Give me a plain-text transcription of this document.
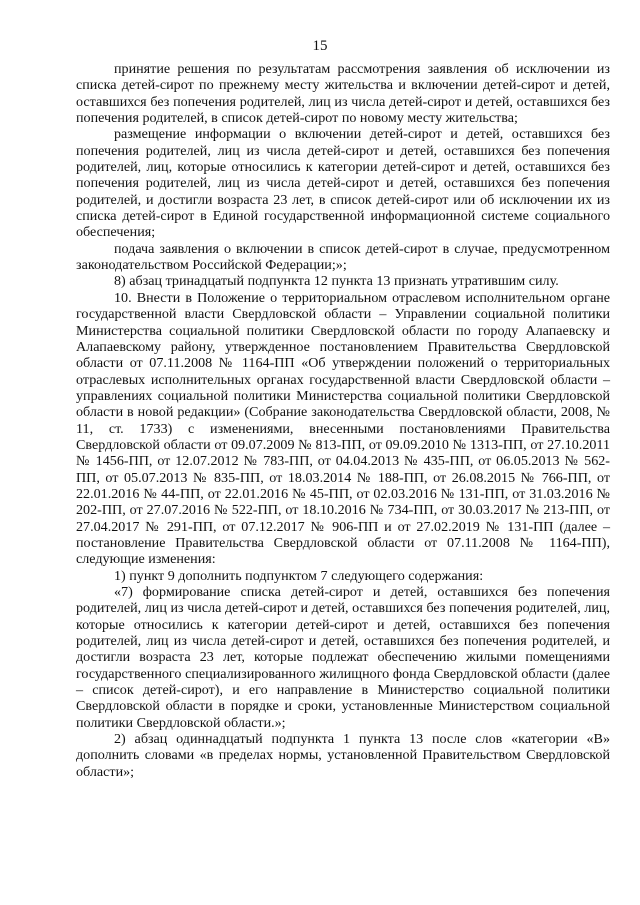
15

принятие решения по результатам рассмотрения заявления об исключении из списка детей-сирот по прежнему месту жительства и включении детей-сирот и детей, оставшихся без попечения родителей, лиц из числа детей-сирот и детей, оставшихся без попечения родителей, в список детей-сирот по новому месту жительства;

размещение информации о включении детей-сирот и детей, оставшихся без попечения родителей, лиц из числа детей-сирот и детей, оставшихся без попечения родителей, лиц, которые относились к категории детей-сирот и детей, оставшихся без попечения родителей, лиц из числа детей-сирот и детей, оставшихся без попечения родителей, и достигли возраста 23 лет, в список детей-сирот или об исключении их из списка детей-сирот в Единой государственной информационной системе социального обеспечения;

подача заявления о включении в список детей-сирот в случае, предусмотренном законодательством Российской Федерации;»;

8) абзац тринадцатый подпункта 12 пункта 13 признать утратившим силу.

10. Внести в Положение о территориальном отраслевом исполнительном органе государственной власти Свердловской области – Управлении социальной политики Министерства социальной политики Свердловской области по городу Алапаевску и Алапаевскому району, утвержденное постановлением Правительства Свердловской области от 07.11.2008 № 1164-ПП «Об утверждении положений о территориальных отраслевых исполнительных органах государственной власти Свердловской области – управлениях социальной политики Министерства социальной политики Свердловской области в новой редакции» (Собрание законодательства Свердловской области, 2008, № 11, ст. 1733) с изменениями, внесенными постановлениями Правительства Свердловской области от 09.07.2009 № 813-ПП, от 09.09.2010 № 1313-ПП, от 27.10.2011 № 1456-ПП, от 12.07.2012 № 783-ПП, от 04.04.2013 № 435-ПП, от 06.05.2013 № 562-ПП, от 05.07.2013 № 835-ПП, от 18.03.2014 № 188-ПП, от 26.08.2015 № 766-ПП, от 22.01.2016 № 44-ПП, от 22.01.2016 № 45-ПП, от 02.03.2016 № 131-ПП, от 31.03.2016 № 202-ПП, от 27.07.2016 № 522-ПП, от 18.10.2016 № 734-ПП, от 30.03.2017 № 213-ПП, от 27.04.2017 № 291-ПП, от 07.12.2017 № 906-ПП и от 27.02.2019 № 131-ПП (далее – постановление Правительства Свердловской области от 07.11.2008 № 1164-ПП), следующие изменения:

1) пункт 9 дополнить подпунктом 7 следующего содержания:

«7) формирование списка детей-сирот и детей, оставшихся без попечения родителей, лиц из числа детей-сирот и детей, оставшихся без попечения родителей, лиц, которые относились к категории детей-сирот и детей, оставшихся без попечения родителей, лиц из числа детей-сирот и детей, оставшихся без попечения родителей, и достигли возраста 23 лет, которые подлежат обеспечению жилыми помещениями государственного специализированного жилищного фонда Свердловской области (далее – список детей-сирот), и его направление в Министерство социальной политики Свердловской области в порядке и сроки, установленные Министерством социальной политики Свердловской области.»;

2) абзац одиннадцатый подпункта 1 пункта 13 после слов «категории «В» дополнить словами «в пределах нормы, установленной Правительством Свердловской области»;
